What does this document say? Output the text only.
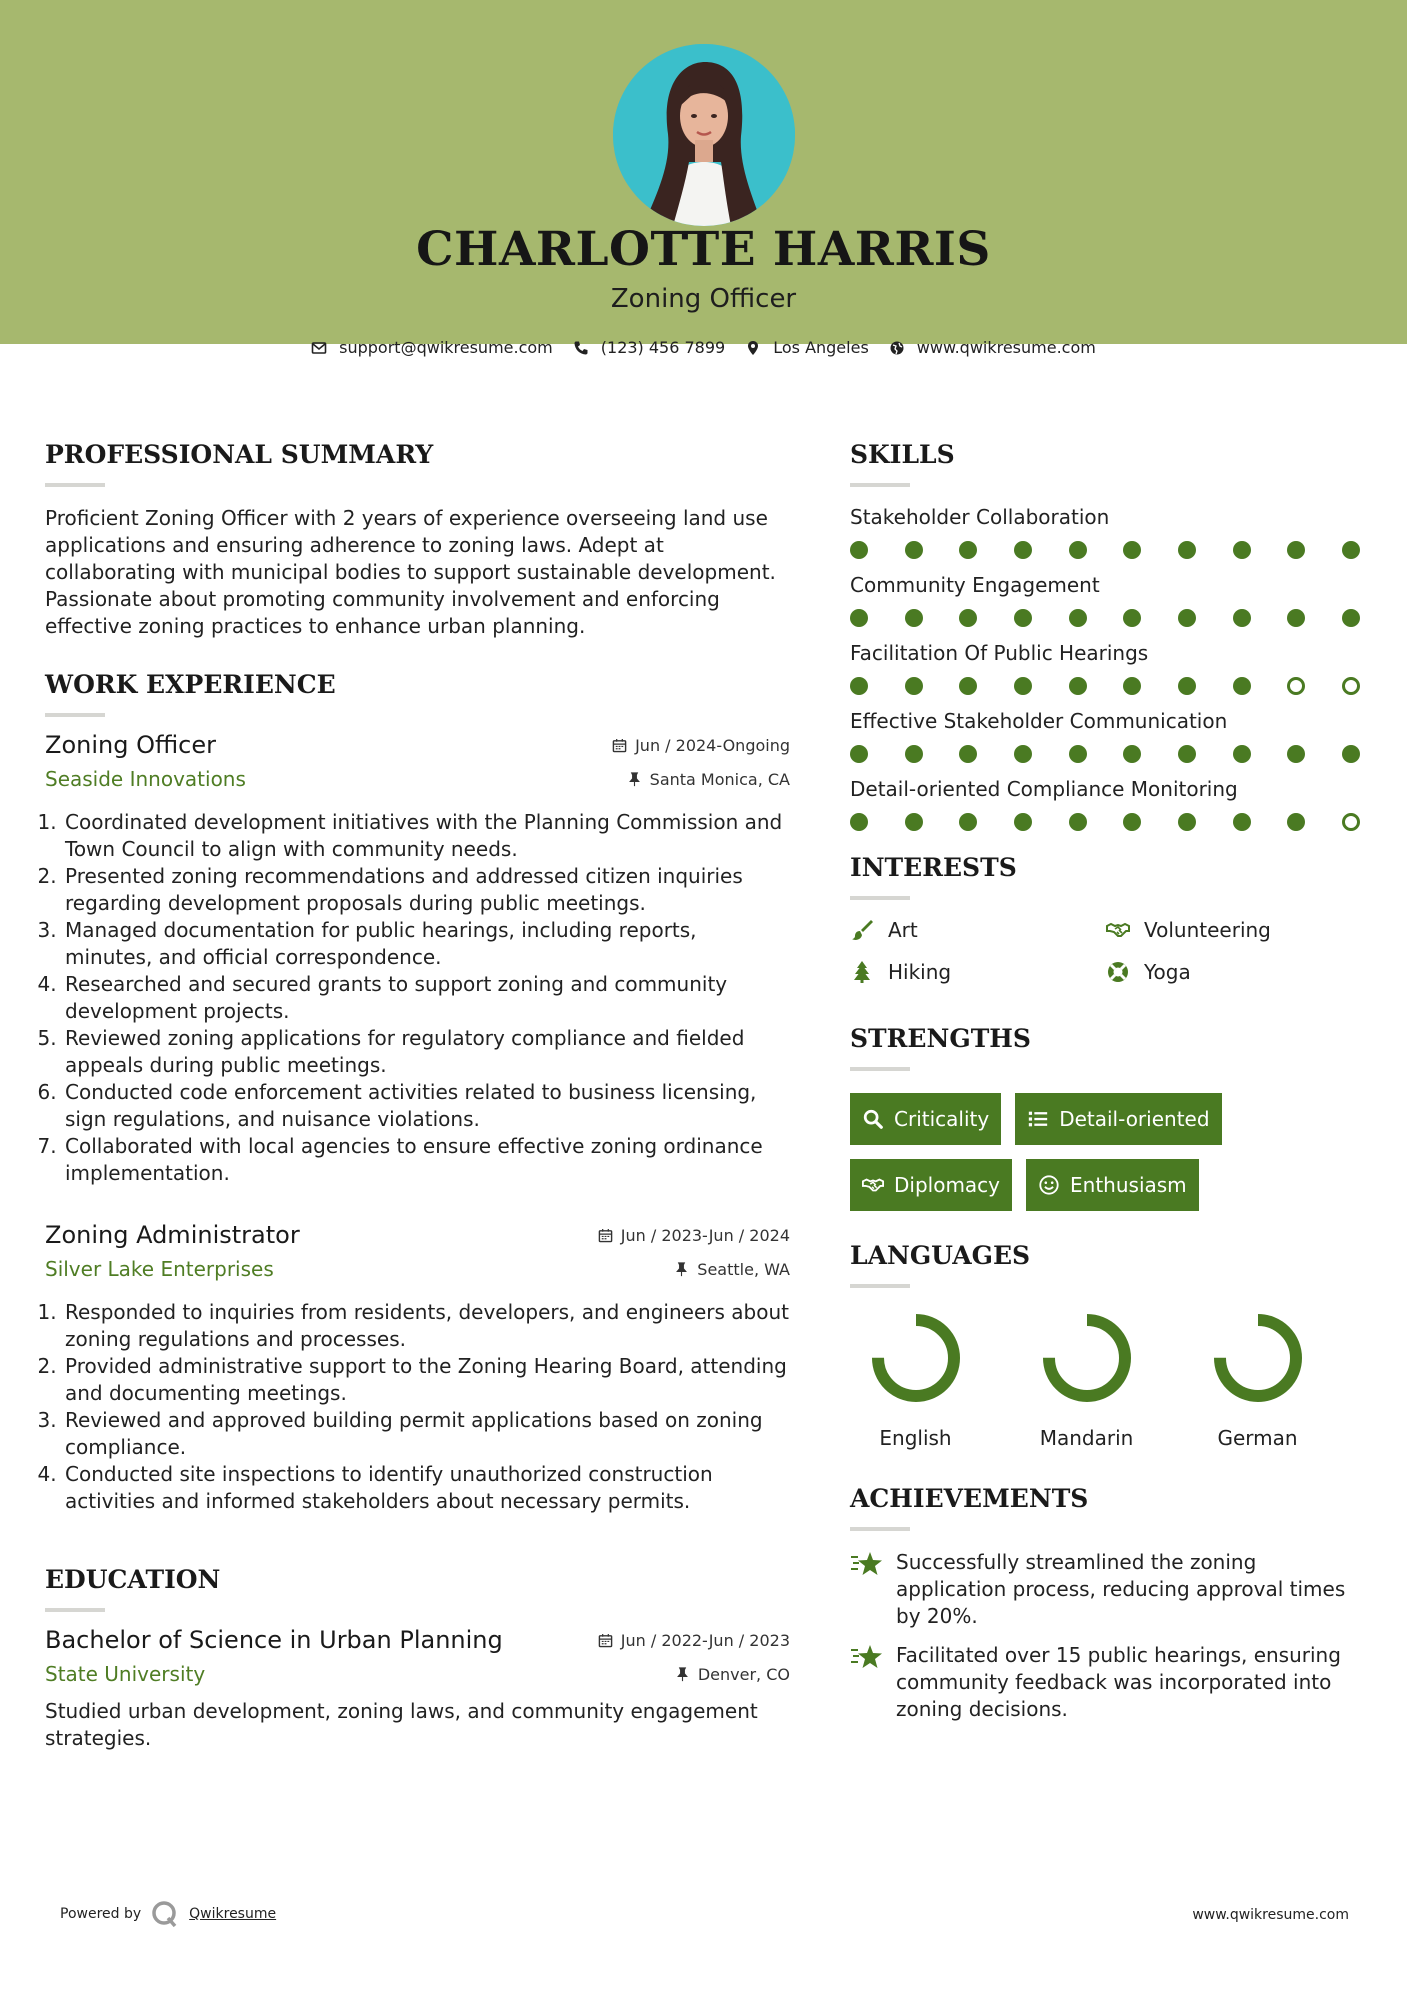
CHARLOTTE HARRIS
Zoning Officer
support@qwikresume.com	(123) 456 7899	Los Angeles	www.qwikresume.com
PROFESSIONAL SUMMARY
Proficient Zoning Officer with 2 years of experience overseeing land use applications and ensuring adherence to zoning laws. Adept at collaborating with municipal bodies to support sustainable development. Passionate about promoting community involvement and enforcing effective zoning practices to enhance urban planning.
WORK EXPERIENCE
Zoning Officer	Jun / 2024-Ongoing
Seaside Innovations	Santa Monica, CA
1. Coordinated development initiatives with the Planning Commission and Town Council to align with community needs.
2. Presented zoning recommendations and addressed citizen inquiries regarding development proposals during public meetings.
3. Managed documentation for public hearings, including reports, minutes, and official correspondence.
4. Researched and secured grants to support zoning and community development projects.
5. Reviewed zoning applications for regulatory compliance and fielded appeals during public meetings.
6. Conducted code enforcement activities related to business licensing, sign regulations, and nuisance violations.
7. Collaborated with local agencies to ensure effective zoning ordinance implementation.
Zoning Administrator	Jun / 2023-Jun / 2024
Silver Lake Enterprises	Seattle, WA
1. Responded to inquiries from residents, developers, and engineers about zoning regulations and processes.
2. Provided administrative support to the Zoning Hearing Board, attending and documenting meetings.
3. Reviewed and approved building permit applications based on zoning compliance.
4. Conducted site inspections to identify unauthorized construction activities and informed stakeholders about necessary permits.
EDUCATION
Bachelor of Science in Urban Planning	Jun / 2022-Jun / 2023
State University	Denver, CO
Studied urban development, zoning laws, and community engagement strategies.
SKILLS
Stakeholder Collaboration
Community Engagement
Facilitation Of Public Hearings
Effective Stakeholder Communication
Detail-oriented Compliance Monitoring
INTERESTS
Art	Volunteering
Hiking	Yoga
STRENGTHS
Criticality	Detail-oriented
Diplomacy	Enthusiasm
LANGUAGES
English	Mandarin	German
ACHIEVEMENTS
Successfully streamlined the zoning application process, reducing approval times by 20%.
Facilitated over 15 public hearings, ensuring community feedback was incorporated into zoning decisions.
Powered by	Qwikresume	www.qwikresume.com
